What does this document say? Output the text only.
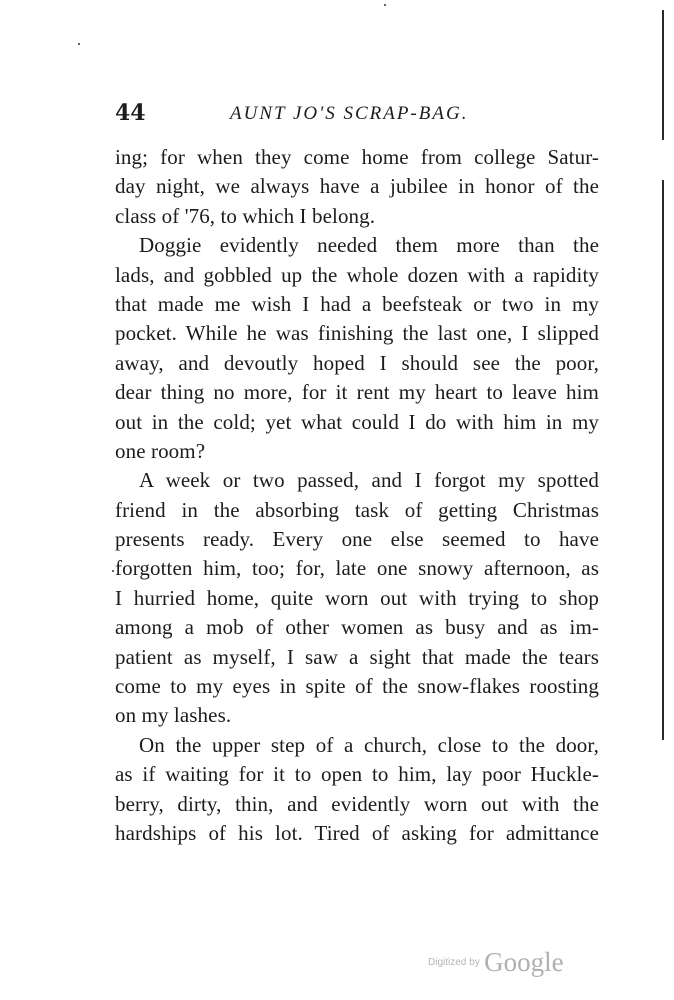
44	AUNT JO'S SCRAP-BAG.
ing; for when they come home from college Satur-
day night, we always have a jubilee in honor of the
class of '76, to which I belong.
Doggie evidently needed them more than the
lads, and gobbled up the whole dozen with a rapidity
that made me wish I had a beefsteak or two in my
pocket. While he was finishing the last one, I slipped
away, and devoutly hoped I should see the poor,
dear thing no more, for it rent my heart to leave him
out in the cold; yet what could I do with him in my
one room?
A week or two passed, and I forgot my spotted
friend in the absorbing task of getting Christmas
presents ready. Every one else seemed to have
forgotten him, too; for, late one snowy afternoon, as
I hurried home, quite worn out with trying to shop
among a mob of other women as busy and as im-
patient as myself, I saw a sight that made the tears
come to my eyes in spite of the snow-flakes roosting
on my lashes.
On the upper step of a church, close to the door,
as if waiting for it to open to him, lay poor Huckle-
berry, dirty, thin, and evidently worn out with the
hardships of his lot. Tired of asking for admittance
Digitized by Google
